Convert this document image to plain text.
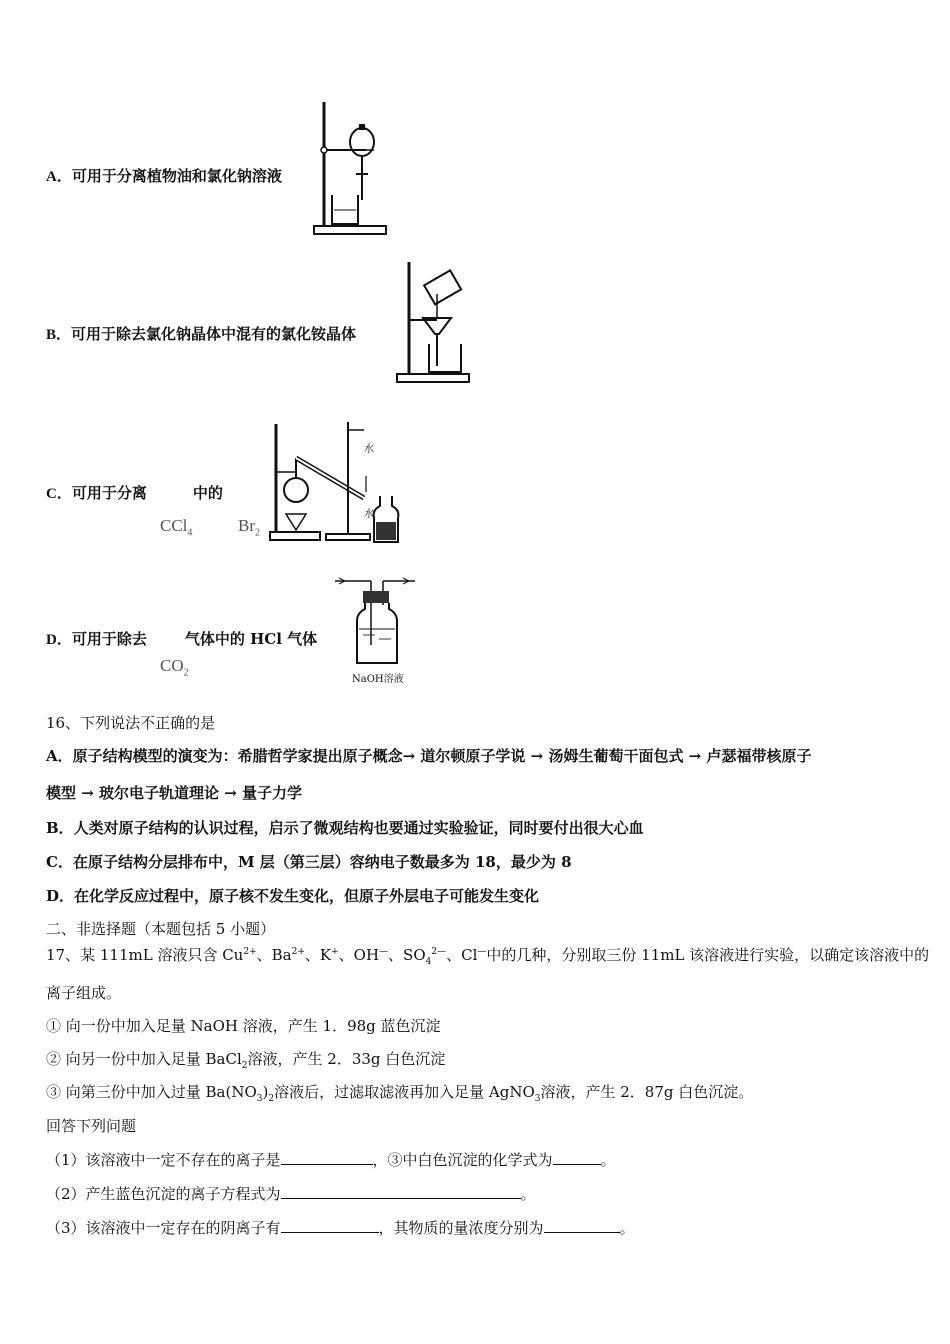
A．可用于分离植物油和氯化钠溶液
B．可用于除去氯化钠晶体中混有的氯化铵晶体
C．可用于分离	中的
CCl$_4$	$Br_2$
水
水
D．可用于除去	气体中的 HCl 气体
$CO_2$
NaOH溶液
16、下列说法不正确的是
A．原子结构模型的演变为：希腊哲学家提出原子概念→ 道尔顿原子学说 → 汤姆生葡萄干面包式 → 卢瑟福带核原子
模型 → 玻尔电子轨道理论 → 量子力学
B．人类对原子结构的认识过程，启示了微观结构也要通过实验验证，同时要付出很大心血
C．在原子结构分层排布中，M 层（第三层）容纳电子数最多为 18，最少为 8
D．在化学反应过程中，原子核不发生变化，但原子外层电子可能发生变化
二、非选择题（本题包括 5 小题）
17、某 111mL 溶液只含 $Cu^{2+}$、$Ba^{2+}$、K+、OH—、$SO_4^{2—}$、Cl—中的几种，分别取三份 11mL 该溶液进行实验，以确定该溶液中的
离子组成。
① 向一份中加入足量 NaOH 溶液，产生 1．98g 蓝色沉淀
② 向另一份中加入足量 BaCl$_2$溶液，产生 2．33g 白色沉淀
③ 向第三份中加入过量 $Ba(NO_3)_2$溶液后，过滤取滤液再加入足量 AgNO$_3$溶液，产生 2．87g 白色沉淀。
回答下列问题
（1）该溶液中一定不存在的离子是	，③中白色沉淀的化学式为	。
（2）产生蓝色沉淀的离子方程式为	。
（3）该溶液中一定存在的阴离子有	，其物质的量浓度分别为	。
